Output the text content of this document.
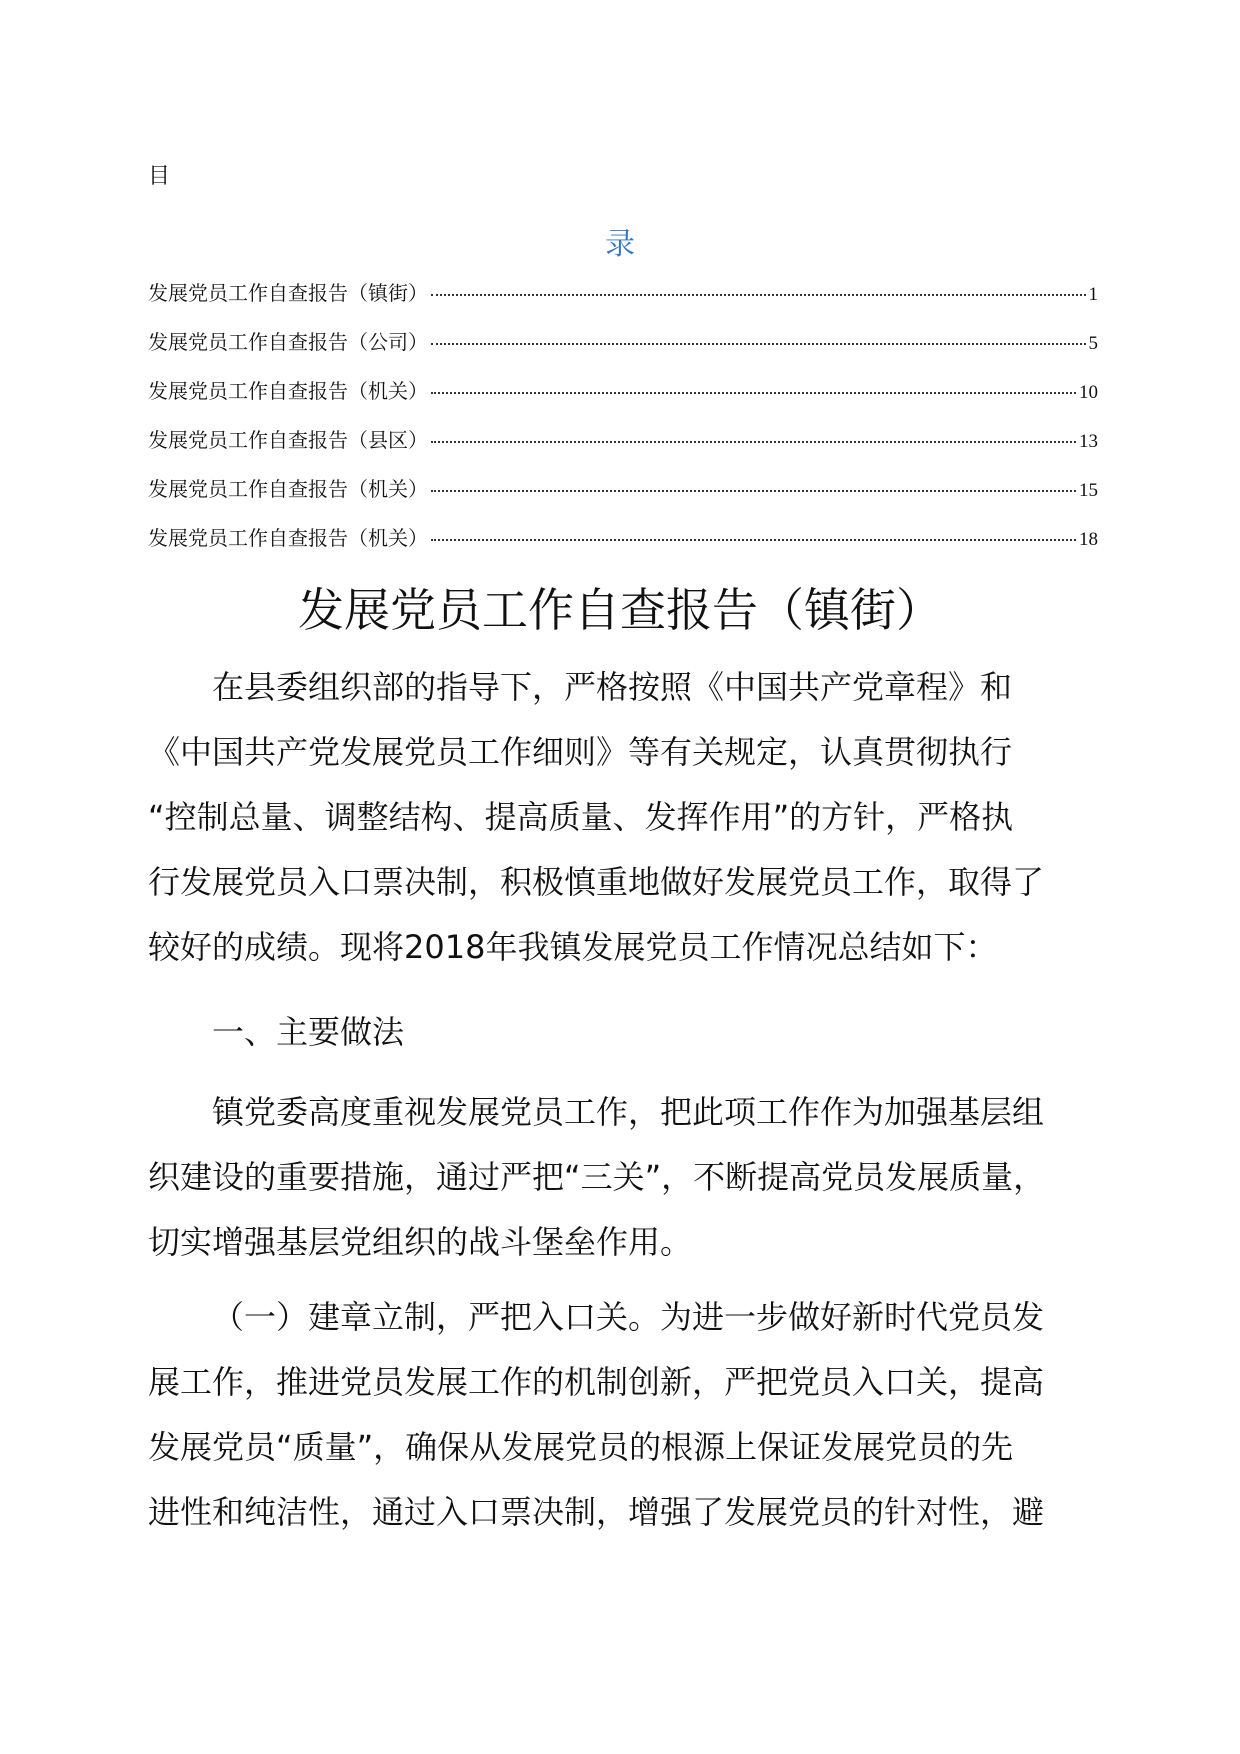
目
录
发展党员工作自查报告（镇街）	1
发展党员工作自查报告（公司）	5
发展党员工作自查报告（机关）	10
发展党员工作自查报告（县区）	13
发展党员工作自查报告（机关）	15
发展党员工作自查报告（机关）	18
发展党员工作自查报告（镇街）
在县委组织部的指导下，严格按照《中国共产党章程》和
《中国共产党发展党员工作细则》等有关规定，认真贯彻执行
“控制总量、调整结构、提高质量、发挥作用”的方针，严格执
行发展党员入口票决制，积极慎重地做好发展党员工作，取得了
较好的成绩。现将2018年我镇发展党员工作情况总结如下：
一、主要做法
镇党委高度重视发展党员工作，把此项工作作为加强基层组
织建设的重要措施，通过严把“三关”，不断提高党员发展质量，
切实增强基层党组织的战斗堡垒作用。
（一）建章立制，严把入口关。为进一步做好新时代党员发
展工作，推进党员发展工作的机制创新，严把党员入口关，提高
发展党员“质量”，确保从发展党员的根源上保证发展党员的先
进性和纯洁性，通过入口票决制，增强了发展党员的针对性，避
